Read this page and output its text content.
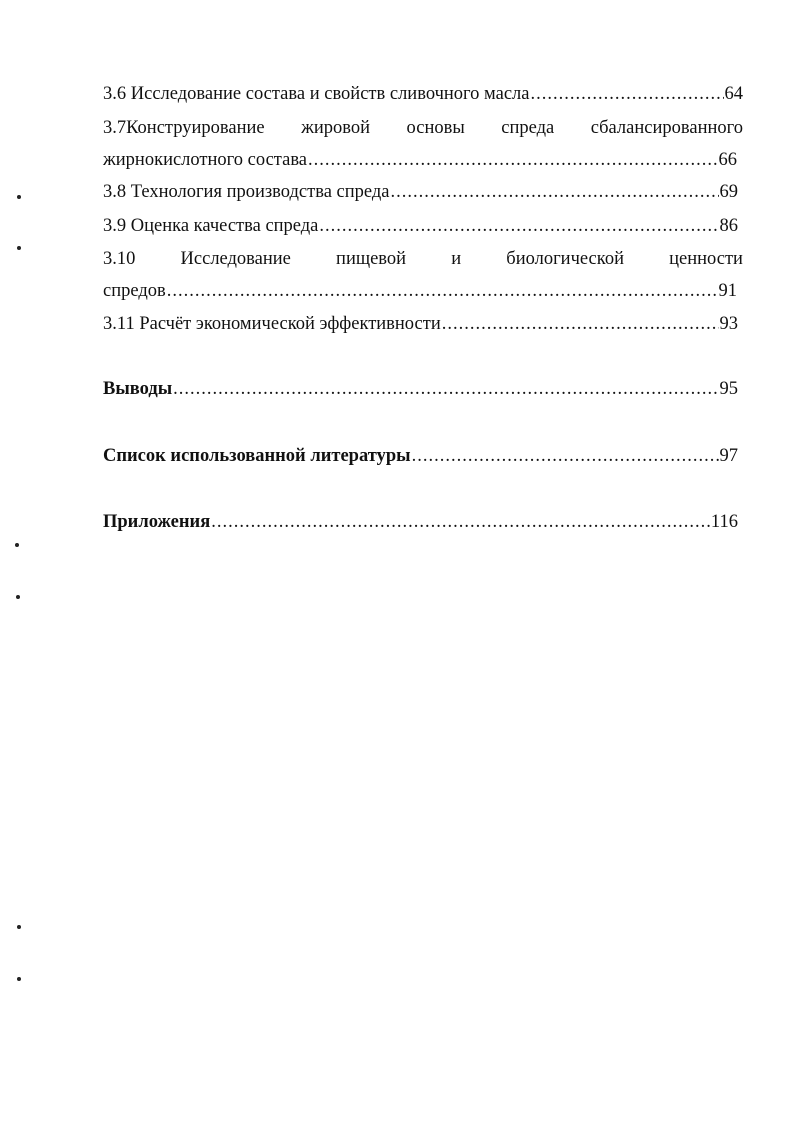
3.6 Исследование состава и свойств сливочного масла .....	64
3.7Конструирование жировой основы спреда сбалансированного
жирнокислотного состава .....	66
3.8 Технология производства спреда .....	69
3.9 Оценка качества спреда .....	86
3.10 Исследование пищевой и биологической ценности
спредов .....	91
3.11 Расчёт экономической эффективности .....	93
Выводы .....	95
Список использованной литературы .....	97
Приложения .....	116
